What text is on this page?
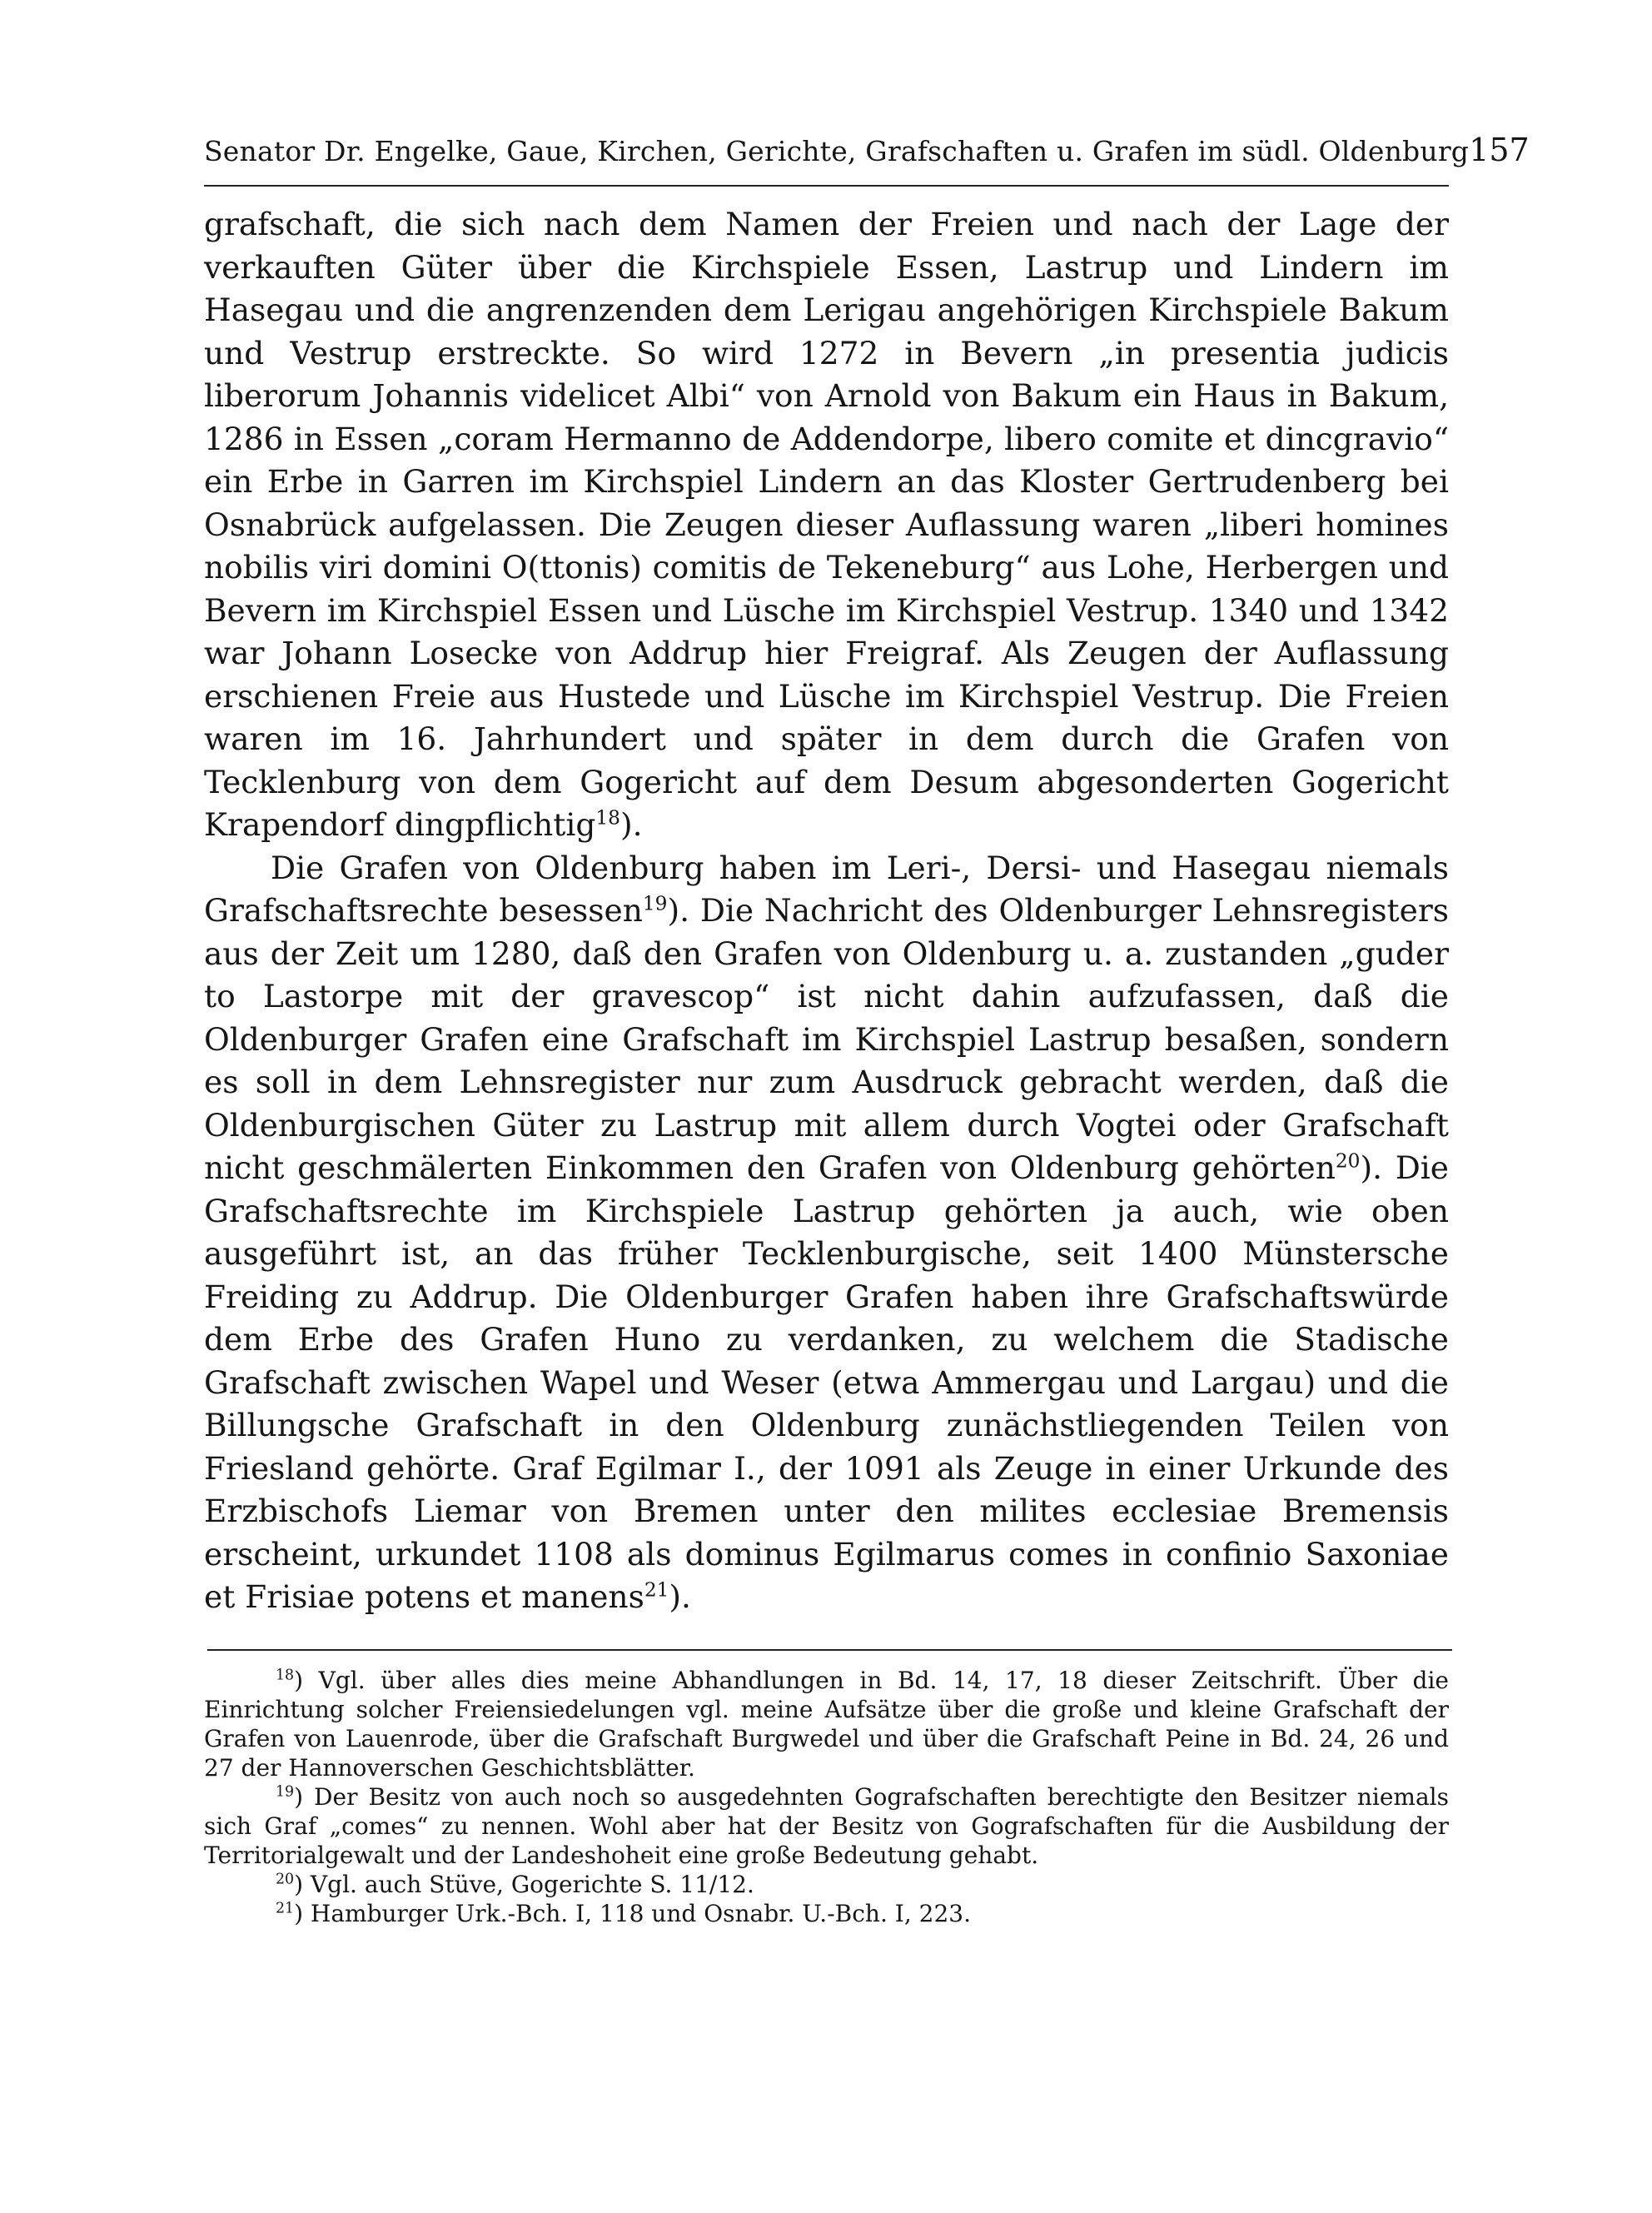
Senator Dr. Engelke, Gaue, Kirchen, Gerichte, Grafschaften u. Grafen im südl. Oldenburg 157

grafschaft, die sich nach dem Namen der Freien und nach der Lage der verkauften Güter über die Kirchspiele Essen, Lastrup und Lindern im Hasegau und die angrenzenden dem Lerigau angehörigen Kirchspiele Bakum und Vestrup erstreckte. So wird 1272 in Bevern „in presentia judicis liberorum Johannis videlicet Albi“ von Arnold von Bakum ein Haus in Bakum, 1286 in Essen „coram Hermanno de Addendorpe, libero comite et dincgravio“ ein Erbe in Garren im Kirchspiel Lindern an das Kloster Gertrudenberg bei Osnabrück aufgelassen. Die Zeugen dieser Auflassung waren „liberi homines nobilis viri domini O(ttonis) comitis de Tekeneburg“ aus Lohe, Herbergen und Bevern im Kirchspiel Essen und Lüsche im Kirchspiel Vestrup. 1340 und 1342 war Johann Losecke von Addrup hier Freigraf. Als Zeugen der Auflassung erschienen Freie aus Hustede und Lüsche im Kirchspiel Vestrup. Die Freien waren im 16. Jahrhundert und später in dem durch die Grafen von Tecklenburg von dem Gogericht auf dem Desum abgesonderten Gogericht Krapendorf dingpflichtig$^{18}$).

Die Grafen von Oldenburg haben im Leri-, Dersi- und Hasegau niemals Grafschaftsrechte besessen$^{19}$). Die Nachricht des Oldenburger Lehnsregisters aus der Zeit um 1280, daß den Grafen von Oldenburg u. a. zustanden „guder to Lastorpe mit der gravescop“ ist nicht dahin aufzufassen, daß die Oldenburger Grafen eine Grafschaft im Kirchspiel Lastrup besaßen, sondern es soll in dem Lehnsregister nur zum Ausdruck gebracht werden, daß die Oldenburgischen Güter zu Lastrup mit allem durch Vogtei oder Grafschaft nicht geschmälerten Einkommen den Grafen von Oldenburg gehörten$^{20}$). Die Grafschaftsrechte im Kirchspiele Lastrup gehörten ja auch, wie oben ausgeführt ist, an das früher Tecklenburgische, seit 1400 Münstersche Freiding zu Addrup. Die Oldenburger Grafen haben ihre Grafschaftswürde dem Erbe des Grafen Huno zu verdanken, zu welchem die Stadische Grafschaft zwischen Wapel und Weser (etwa Ammergau und Largau) und die Billungsche Grafschaft in den Oldenburg zunächstliegenden Teilen von Friesland gehörte. Graf Egilmar I., der 1091 als Zeuge in einer Urkunde des Erzbischofs Liemar von Bremen unter den milites ecclesiae Bremensis erscheint, urkundet 1108 als dominus Egilmarus comes in confinio Saxoniae et Frisiae potens et manens$^{21}$).

$^{18}$) Vgl. über alles dies meine Abhandlungen in Bd. 14, 17, 18 dieser Zeitschrift. Über die Einrichtung solcher Freiensiedelungen vgl. meine Aufsätze über die große und kleine Grafschaft der Grafen von Lauenrode, über die Grafschaft Burgwedel und über die Grafschaft Peine in Bd. 24, 26 und 27 der Hannoverschen Geschichtsblätter.

$^{19}$) Der Besitz von auch noch so ausgedehnten Gografschaften berechtigte den Besitzer niemals sich Graf „comes“ zu nennen. Wohl aber hat der Besitz von Gografschaften für die Ausbildung der Territorialgewalt und der Landeshoheit eine große Bedeutung gehabt.

$^{20}$) Vgl. auch Stüve, Gogerichte S. 11/12.

$^{21}$) Hamburger Urk.-Bch. I, 118 und Osnabr. U.-Bch. I, 223.
